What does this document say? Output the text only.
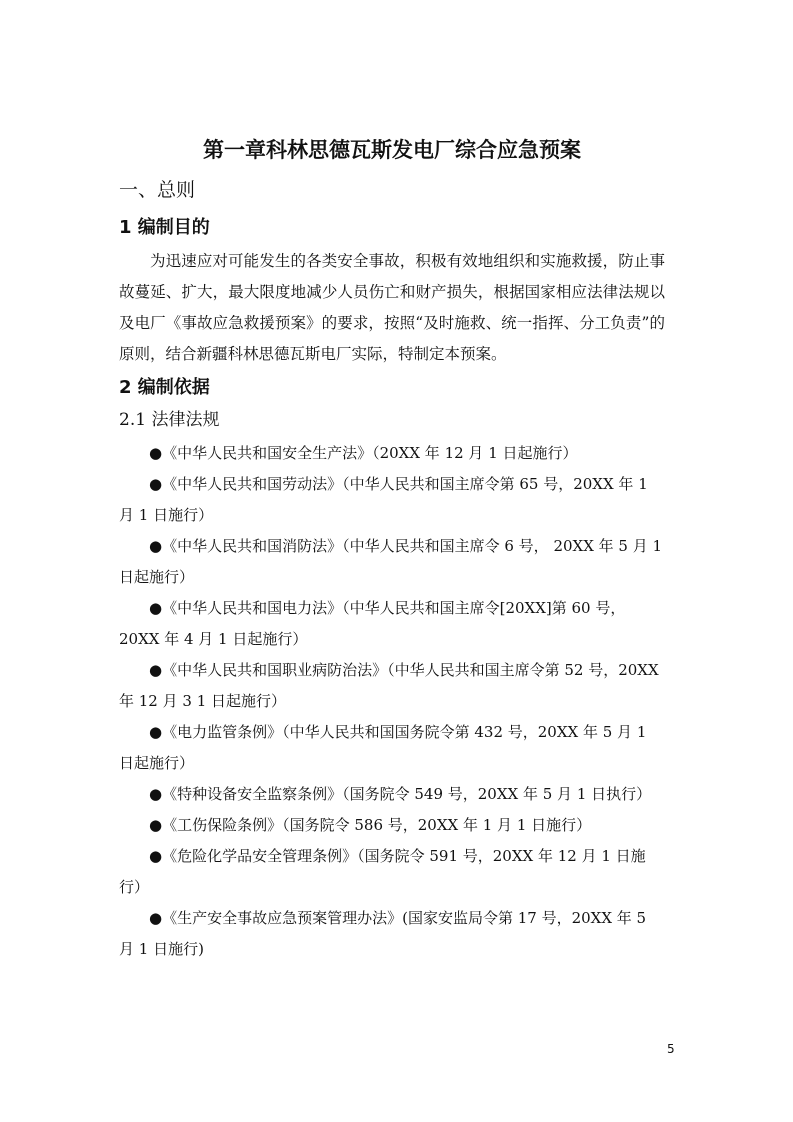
第一章科林思德瓦斯发电厂综合应急预案
一、总则
1 编制目的

为迅速应对可能发生的各类安全事故，积极有效地组织和实施救援，防止事故蔓延、扩大，最大限度地减少人员伤亡和财产损失，根据国家相应法律法规以及电厂《事故应急救援预案》的要求，按照“及时施救、统一指挥、分工负责”的原则，结合新疆科林思德瓦斯电厂实际，特制定本预案。

2 编制依据
2.1 法律法规

●《中华人民共和国安全生产法》（20XX 年 12 月 1 日起施行）

●《中华人民共和国劳动法》（中华人民共和国主席令第 65 号，20XX 年 1 月 1 日施行）

●《中华人民共和国消防法》（中华人民共和国主席令 6 号， 20XX 年 5 月 1 日起施行）

●《中华人民共和国电力法》（中华人民共和国主席令[20XX]第 60 号，20XX 年 4 月 1 日起施行）

●《中华人民共和国职业病防治法》（中华人民共和国主席令第 52 号，20XX 年 12 月 3 1 日起施行）

●《电力监管条例》（中华人民共和国国务院令第 432 号，20XX 年 5 月 1 日起施行）

●《特种设备安全监察条例》（国务院令 549 号，20XX 年 5 月 1 日执行）

●《工伤保险条例》（国务院令 586 号，20XX 年 1 月 1 日施行）

●《危险化学品安全管理条例》（国务院令 591 号，20XX 年 12 月 1 日施行）

●《生产安全事故应急预案管理办法》(国家安监局令第 17 号，20XX 年 5 月 1 日施行)

5
